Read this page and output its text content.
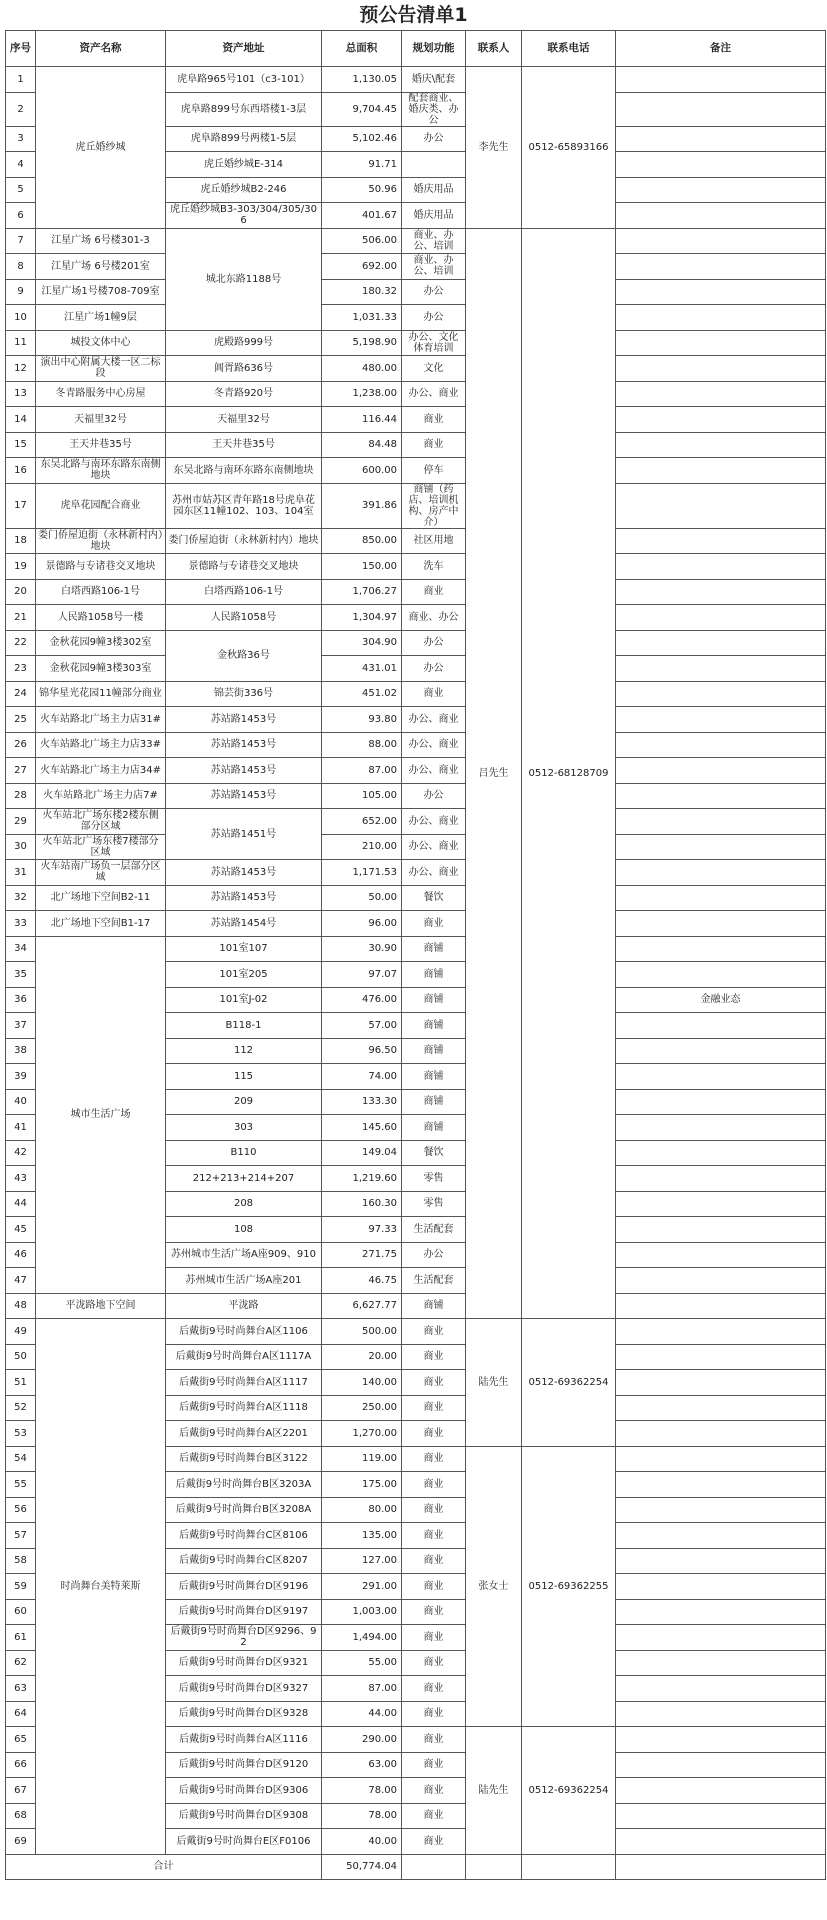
预公告清单1
序号	资产名称	资产地址	总面积	规划功能	联系人	联系电话	备注
1	虎丘婚纱城	虎阜路965号101（c3-101）	1,130.05	婚庆\配套	李先生	0512-65893166	
2		虎阜路899号东西塔楼1-3层	9,704.45	配套商业、婚庆类、办公			
3		虎阜路899号两楼1-5层	5,102.46	办公			
4		虎丘婚纱城E-314	91.71				
5		虎丘婚纱城B2-246	50.96	婚庆用品			
6		虎丘婚纱城B3-303/304/305/306	401.67	婚庆用品			
7	江星广场 6号楼301-3	城北东路1188号	506.00	商业、办公、培训	吕先生	0512-68128709	
8	江星广场 6号楼201室		692.00	商业、办公、培训			
9	江星广场1号楼708-709室		180.32	办公			
10	江星广场1幢9层		1,031.33	办公			
11	城投文体中心	虎殿路999号	5,198.90	办公、文化体育培训			
12	演出中心附属大楼一区二标段	阊胥路636号	480.00	文化			
13	冬青路服务中心房屋	冬青路920号	1,238.00	办公、商业			
14	天福里32号	天福里32号	116.44	商业			
15	王天井巷35号	王天井巷35号	84.48	商业			
16	东吴北路与南环东路东南侧地块	东吴北路与南环东路东南侧地块	600.00	停车			
17	虎阜花园配合商业	苏州市姑苏区青年路18号虎阜花园东区11幢102、103、104室	391.86	商铺（药店、培训机构、房产中介）			
18	娄门侨屋迫街（永林新村内）地块	娄门侨屋迫街（永林新村内）地块	850.00	社区用地			
19	景德路与专诸巷交叉地块	景德路与专诸巷交叉地块	150.00	洗车			
20	白塔西路106-1号	白塔西路106-1号	1,706.27	商业			
21	人民路1058号一楼	人民路1058号	1,304.97	商业、办公			
22	金秋花园9幢3楼302室	金秋路36号	304.90	办公			
23	金秋花园9幢3楼303室		431.01	办公			
24	锦华星光花园11幢部分商业	锦芸街336号	451.02	商业			
25	火车站路北广场主力店31#	苏站路1453号	93.80	办公、商业			
26	火车站路北广场主力店33#	苏站路1453号	88.00	办公、商业			
27	火车站路北广场主力店34#	苏站路1453号	87.00	办公、商业			
28	火车站路北广场主力店7#	苏站路1453号	105.00	办公			
29	火车站北广场东楼2楼东侧部分区域	苏站路1451号	652.00	办公、商业			
30	火车站北广场东楼7楼部分区域		210.00	办公、商业			
31	火车站南广场负一层部分区域	苏站路1453号	1,171.53	办公、商业			
32	北广场地下空间B2-11	苏站路1453号	50.00	餐饮			
33	北广场地下空间B1-17	苏站路1454号	96.00	商业			
34	城市生活广场	101室107	30.90	商铺			
35		101室205	97.07	商铺			
36		101室J-02	476.00	商铺			金融业态
37		B118-1	57.00	商铺			
38		112	96.50	商铺			
39		115	74.00	商铺			
40		209	133.30	商铺			
41		303	145.60	商铺			
42		B110	149.04	餐饮			
43		212+213+214+207	1,219.60	零售			
44		208	160.30	零售			
45		108	97.33	生活配套			
46		苏州城市生活广场A座909、910	271.75	办公			
47		苏州城市生活广场A座201	46.75	生活配套			
48	平泷路地下空间	平泷路	6,627.77	商铺			
49	时尚舞台美特莱斯	后戴街9号时尚舞台A区1106	500.00	商业	陆先生	0512-69362254	
50		后戴街9号时尚舞台A区1117A	20.00	商业			
51		后戴街9号时尚舞台A区1117	140.00	商业			
52		后戴街9号时尚舞台A区1118	250.00	商业			
53		后戴街9号时尚舞台A区2201	1,270.00	商业			
54		后戴街9号时尚舞台B区3122	119.00	商业	张女士	0512-69362255	
55		后戴街9号时尚舞台B区3203A	175.00	商业			
56		后戴街9号时尚舞台B区3208A	80.00	商业			
57		后戴街9号时尚舞台C区8106	135.00	商业			
58		后戴街9号时尚舞台C区8207	127.00	商业			
59		后戴街9号时尚舞台D区9196	291.00	商业			
60		后戴街9号时尚舞台D区9197	1,003.00	商业			
61		后戴街9号时尚舞台D区9296、92	1,494.00	商业			
62		后戴街9号时尚舞台D区9321	55.00	商业			
63		后戴街9号时尚舞台D区9327	87.00	商业			
64		后戴街9号时尚舞台D区9328	44.00	商业			
65		后戴街9号时尚舞台A区1116	290.00	商业	陆先生	0512-69362254	
66		后戴街9号时尚舞台D区9120	63.00	商业			
67		后戴街9号时尚舞台D区9306	78.00	商业			
68		后戴街9号时尚舞台D区9308	78.00	商业			
69		后戴街9号时尚舞台E区F0106	40.00	商业			
合计			50,774.04				
